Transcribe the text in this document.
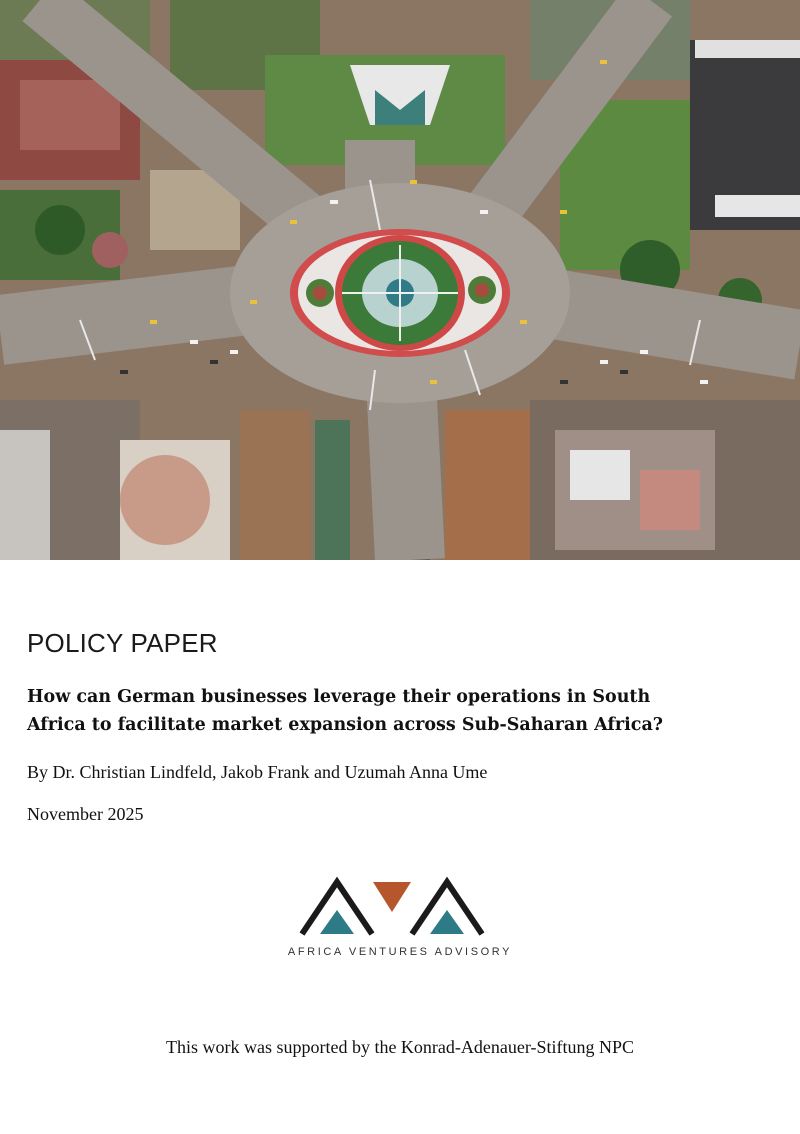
POLICY PAPER
How can German businesses leverage their operations in South Africa to facilitate market expansion across Sub-Saharan Africa?

By Dr. Christian Lindfeld, Jakob Frank and Uzumah Anna Ume

November 2025

AFRICA VENTURES ADVISORY

This work was supported by the Konrad-Adenauer-Stiftung NPC
